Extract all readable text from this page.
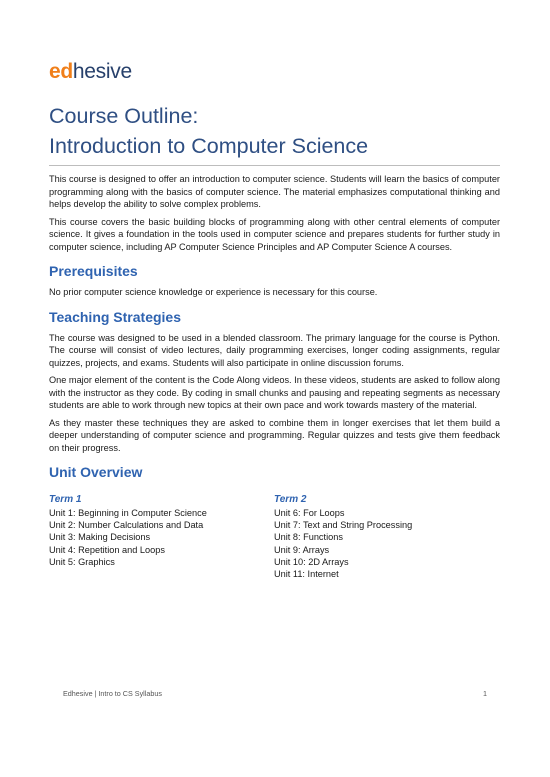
edhesive
Course Outline:
Introduction to Computer Science

This course is designed to offer an introduction to computer science. Students will learn the basics of computer programming along with the basics of computer science. The material emphasizes computational thinking and helps develop the ability to solve complex problems.

This course covers the basic building blocks of programming along with other central elements of computer science. It gives a foundation in the tools used in computer science and prepares students for further study in computer science, including AP Computer Science Principles and AP Computer Science A courses.

Prerequisites

No prior computer science knowledge or experience is necessary for this course.

Teaching Strategies

The course was designed to be used in a blended classroom. The primary language for the course is Python. The course will consist of video lectures, daily programming exercises, longer coding assignments, regular quizzes, projects, and exams. Students will also participate in online discussion forums.

One major element of the content is the Code Along videos. In these videos, students are asked to follow along with the instructor as they code. By coding in small chunks and pausing and repeating segments as necessary students are able to work through new topics at their own pace and work towards mastery of the material.

As they master these techniques they are asked to combine them in longer exercises that let them build a deeper understanding of computer science and programming. Regular quizzes and tests give them feedback on their progress.

Unit Overview
Term 1
Unit 1: Beginning in Computer Science
Unit 2: Number Calculations and Data
Unit 3: Making Decisions
Unit 4: Repetition and Loops
Unit 5: Graphics
Term 2
Unit 6: For Loops
Unit 7: Text and String Processing
Unit 8: Functions
Unit 9: Arrays
Unit 10: 2D Arrays
Unit 11: Internet
Edhesive | Intro to CS Syllabus	1
